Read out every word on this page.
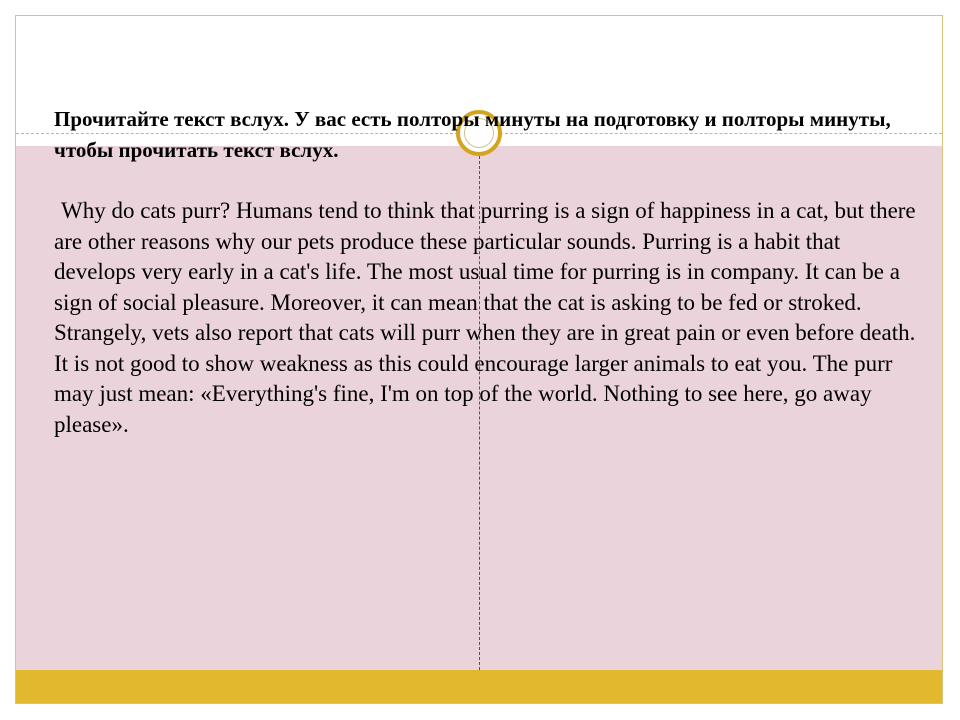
Прочитайте текст вслух. У вас есть полторы минуты на подготовку и полторы минуты, чтобы прочитать текст вслух.

Why do cats purr? Humans tend to think that purring is a sign of happiness in a cat, but there are other reasons why our pets produce these particular sounds. Purring is a habit that develops very early in a cat's life. The most usual time for purring is in company. It can be a sign of social pleasure. Moreover, it can mean that the cat is asking to be fed or stroked.

Strangely, vets also report that cats will purr when they are in great pain or even before death. It is not good to show weakness as this could encourage larger animals to eat you. The purr may just mean: «Everything's fine, I'm on top of the world. Nothing to see here, go away please».
